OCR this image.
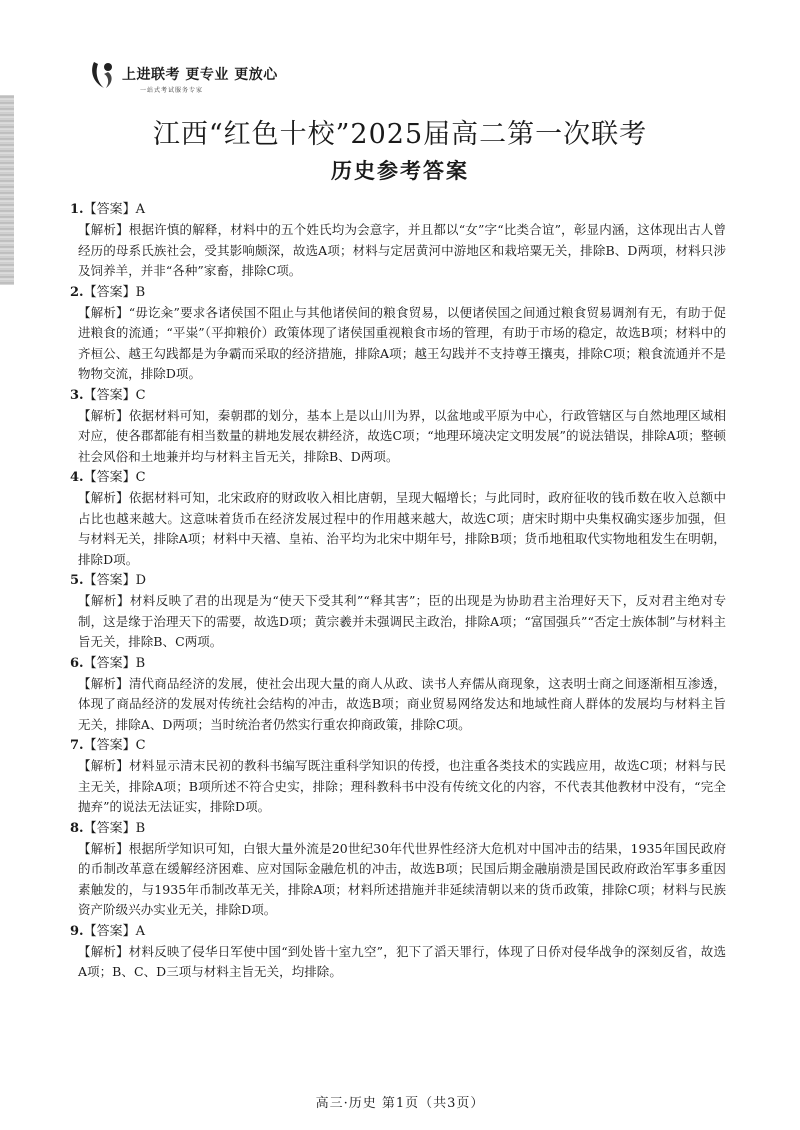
上进联考 更专业 更放心
一站式考试服务专家
江西“红色十校”2025届高二第一次联考
历史参考答案
1.【答案】A

【解析】根据许慎的解释，材料中的五个姓氏均为会意字，并且都以“女”字“比类合谊”，彰显内涵，这体现出古人曾经历的母系氏族社会，受其影响颇深，故选A项；材料与定居黄河中游地区和栽培粟无关，排除B、D两项，材料只涉及饲养羊，并非“各种”家畜，排除C项。

2.【答案】B

【解析】“毋讫籴”要求各诸侯国不阻止与其他诸侯间的粮食贸易，以便诸侯国之间通过粮食贸易调剂有无，有助于促进粮食的流通；“平粜”（平抑粮价）政策体现了诸侯国重视粮食市场的管理，有助于市场的稳定，故选B项；材料中的齐桓公、越王勾践都是为争霸而采取的经济措施，排除A项；越王勾践并不支持尊王攘夷，排除C项；粮食流通并不是物物交流，排除D项。

3.【答案】C

【解析】依据材料可知，秦朝郡的划分，基本上是以山川为界，以盆地或平原为中心，行政管辖区与自然地理区域相对应，使各郡都能有相当数量的耕地发展农耕经济，故选C项；“地理环境决定文明发展”的说法错误，排除A项；整顿社会风俗和土地兼并均与材料主旨无关，排除B、D两项。

4.【答案】C

【解析】依据材料可知，北宋政府的财政收入相比唐朝，呈现大幅增长；与此同时，政府征收的钱币数在收入总额中占比也越来越大。这意味着货币在经济发展过程中的作用越来越大，故选C项；唐宋时期中央集权确实逐步加强，但与材料无关，排除A项；材料中天禧、皇祐、治平均为北宋中期年号，排除B项；货币地租取代实物地租发生在明朝，排除D项。

5.【答案】D

【解析】材料反映了君的出现是为“使天下受其利”“释其害”；臣的出现是为协助君主治理好天下，反对君主绝对专制，这是缘于治理天下的需要，故选D项；黄宗羲并未强调民主政治，排除A项；“富国强兵”“否定士族体制”与材料主旨无关，排除B、C两项。

6.【答案】B

【解析】清代商品经济的发展，使社会出现大量的商人从政、读书人弃儒从商现象，这表明士商之间逐渐相互渗透，体现了商品经济的发展对传统社会结构的冲击，故选B项；商业贸易网络发达和地域性商人群体的发展均与材料主旨无关，排除A、D两项；当时统治者仍然实行重农抑商政策，排除C项。

7.【答案】C

【解析】材料显示清末民初的教科书编写既注重科学知识的传授，也注重各类技术的实践应用，故选C项；材料与民主无关，排除A项；B项所述不符合史实，排除；理科教科书中没有传统文化的内容，不代表其他教材中没有，“完全抛弃”的说法无法证实，排除D项。

8.【答案】B

【解析】根据所学知识可知，白银大量外流是20世纪30年代世界性经济大危机对中国冲击的结果，1935年国民政府的币制改革意在缓解经济困难、应对国际金融危机的冲击，故选B项；民国后期金融崩溃是国民政府政治军事多重因素触发的，与1935年币制改革无关，排除A项；材料所述措施并非延续清朝以来的货币政策，排除C项；材料与民族资产阶级兴办实业无关，排除D项。

9.【答案】A

【解析】材料反映了侵华日军使中国“到处皆十室九空”，犯下了滔天罪行，体现了日侨对侵华战争的深刻反省，故选A项；B、C、D三项与材料主旨无关，均排除。

高三·历史 第1页（共3页）
